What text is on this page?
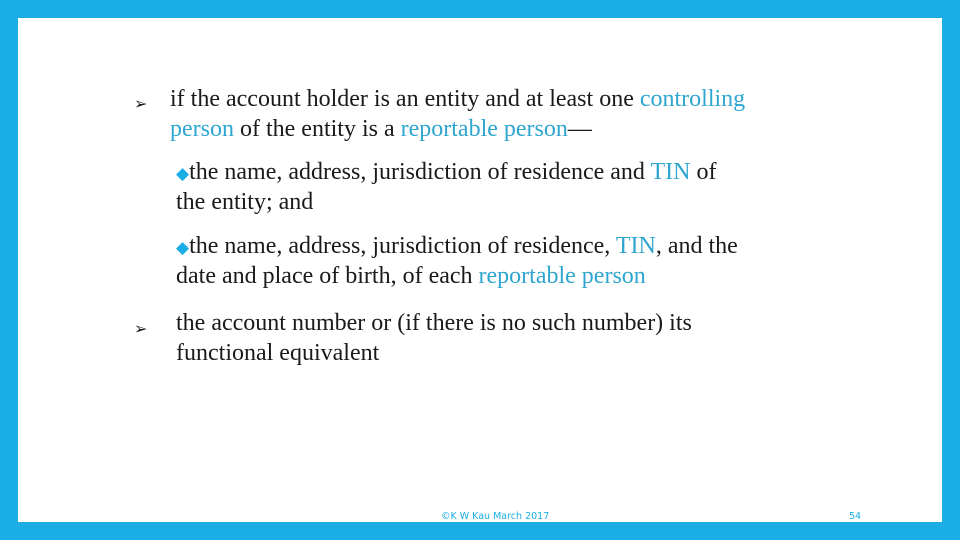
➢ if the account holder is an entity and at least one controlling
person of the entity is a reportable person—
◆the name, address, jurisdiction of residence and TIN of
the entity; and
◆the name, address, jurisdiction of residence, TIN, and the
date and place of birth, of each reportable person
➢ the account number or (if there is no such number) its
functional equivalent
©K W Kau March 2017	54
